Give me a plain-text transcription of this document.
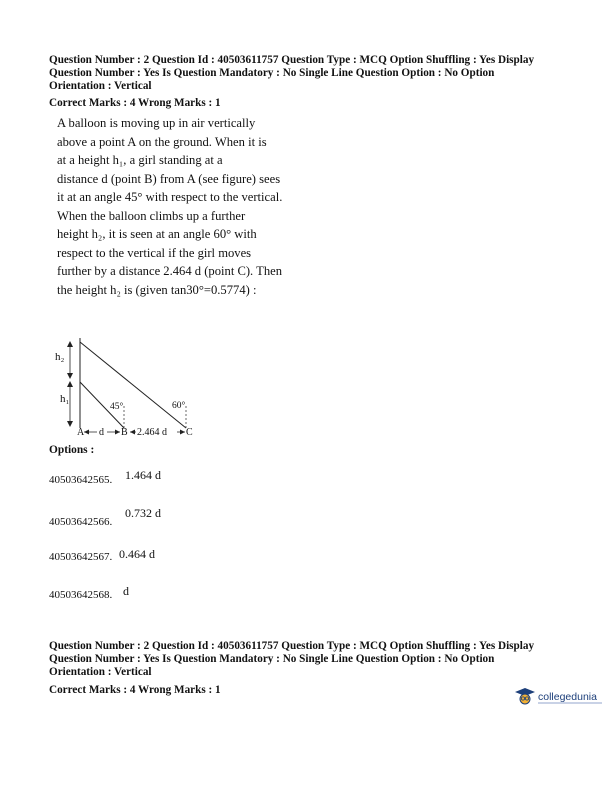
Question Number : 2 Question Id : 40503611757 Question Type : MCQ Option Shuffling : Yes Display
Question Number : Yes Is Question Mandatory : No Single Line Question Option : No Option
Orientation : Vertical
Correct Marks : 4 Wrong Marks : 1
A balloon is moving up in air vertically
above a point A on the ground. When it is
at a height h₁, a girl standing at a
distance d (point B) from A (see figure) sees
it at an angle 45° with respect to the vertical.
When the balloon climbs up a further
height h₂, it is seen at an angle 60° with
respect to the vertical if the girl moves
further by a distance 2.464 d (point C). Then
the height h₂ is (given tan30°=0.5774) :
h₂
h₁
45°	60°
A d B 2.464 d C
Options :
40503642565. 1.464 d
40503642566.
0.732 d
40503642567. 0.464 d
40503642568. d
Question Number : 2 Question Id : 40503611757 Question Type : MCQ Option Shuffling : Yes Display
Question Number : Yes Is Question Mandatory : No Single Line Question Option : No Option
Orientation : Vertical
Correct Marks : 4 Wrong Marks : 1
collegedunia
